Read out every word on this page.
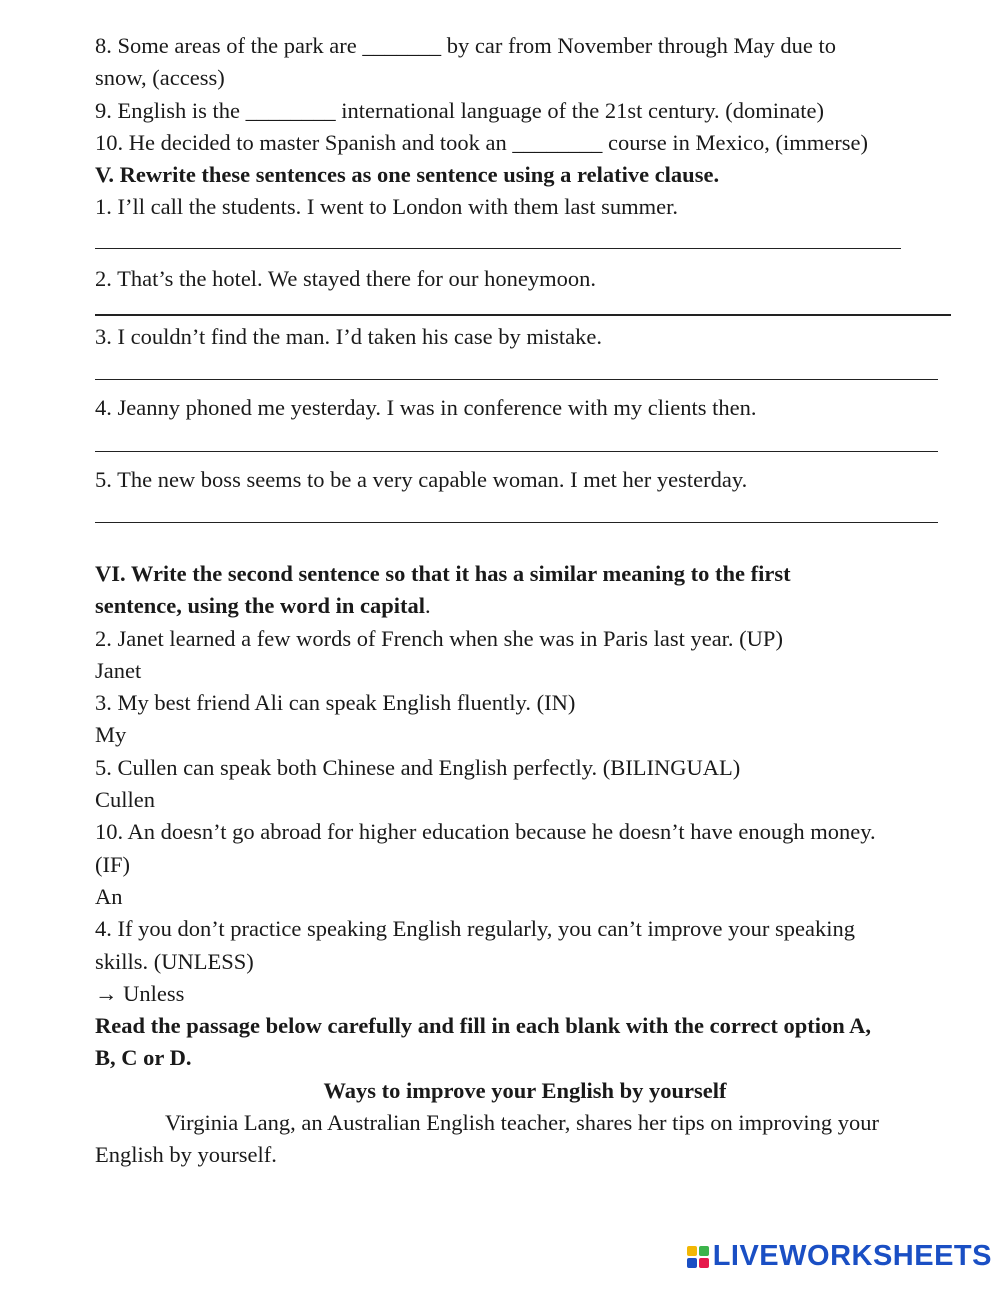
8. Some areas of the park are _______ by car from November through May due to
snow, (access)
9. English is the ________ international language of the 21st century. (dominate)
10. He decided to master Spanish and took an ________ course in Mexico, (immerse)
V. Rewrite these sentences as one sentence using a relative clause.
1. I’ll call the students. I went to London with them last summer.
2. That’s the hotel. We stayed there for our honeymoon.
3. I couldn’t find the man. I’d taken his case by mistake.
4. Jeanny phoned me yesterday. I was in conference with my clients then.
5. The new boss seems to be a very capable woman. I met her yesterday.
VI. Write the second sentence so that it has a similar meaning to the first
sentence, using the word in capital.
2. Janet learned a few words of French when she was in Paris last year. (UP)
Janet
3. My best friend Ali can speak English fluently. (IN)
My
5. Cullen can speak both Chinese and English perfectly. (BILINGUAL)
Cullen
10. An doesn’t go abroad for higher education because he doesn’t have enough money.
(IF)
An
4. If you don’t practice speaking English regularly, you can’t improve your speaking
skills. (UNLESS)
→ Unless
Read the passage below carefully and fill in each blank with the correct option A,
B, C or D.
Ways to improve your English by yourself
Virginia Lang, an Australian English teacher, shares her tips on improving your
English by yourself.
LIVEWORKSHEETS
